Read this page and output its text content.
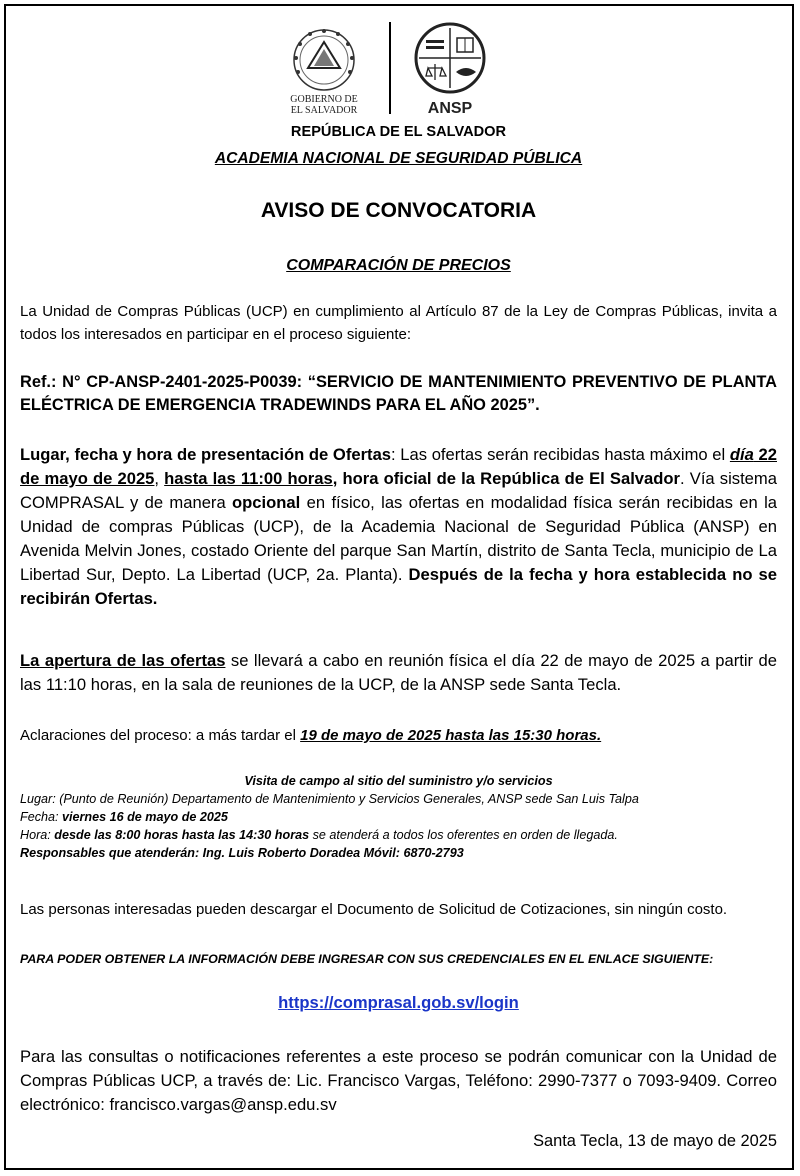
GOBIERNO DE
EL SALVADOR	ANSP

REPÚBLICA DE EL SALVADOR

ACADEMIA NACIONAL DE SEGURIDAD PÚBLICA

AVISO DE CONVOCATORIA

COMPARACIÓN DE PRECIOS

La Unidad de Compras Públicas (UCP) en cumplimiento al Artículo 87 de la Ley de Compras Públicas, invita a todos los interesados en participar en el proceso siguiente:

Ref.: N° CP-ANSP-2401-2025-P0039: “SERVICIO DE MANTENIMIENTO PREVENTIVO DE PLANTA ELÉCTRICA DE EMERGENCIA TRADEWINDS PARA EL AÑO 2025”.

Lugar, fecha y hora de presentación de Ofertas: Las ofertas serán recibidas hasta máximo el día 22 de mayo de 2025, hasta las 11:00 horas, hora oficial de la República de El Salvador. Vía sistema COMPRASAL y de manera opcional en físico, las ofertas en modalidad física serán recibidas en la Unidad de compras Públicas (UCP), de la Academia Nacional de Seguridad Pública (ANSP) en Avenida Melvin Jones, costado Oriente del parque San Martín, distrito de Santa Tecla, municipio de La Libertad Sur, Depto. La Libertad (UCP, 2a. Planta). Después de la fecha y hora establecida no se recibirán Ofertas.

La apertura de las ofertas se llevará a cabo en reunión física el día 22 de mayo de 2025 a partir de las 11:10 horas, en la sala de reuniones de la UCP, de la ANSP sede Santa Tecla.

Aclaraciones del proceso: a más tardar el 19 de mayo de 2025 hasta las 15:30 horas.

Visita de campo al sitio del suministro y/o servicios

Lugar: (Punto de Reunión) Departamento de Mantenimiento y Servicios Generales, ANSP sede San Luis Talpa

Fecha: viernes 16 de mayo de 2025

Hora: desde las 8:00 horas hasta las 14:30 horas se atenderá a todos los oferentes en orden de llegada.

Responsables que atenderán: Ing. Luis Roberto Doradea Móvil: 6870-2793

Las personas interesadas pueden descargar el Documento de Solicitud de Cotizaciones, sin ningún costo.

PARA PODER OBTENER LA INFORMACIÓN DEBE INGRESAR CON SUS CREDENCIALES EN EL ENLACE SIGUIENTE:

https://comprasal.gob.sv/login

Para las consultas o notificaciones referentes a este proceso se podrán comunicar con la Unidad de Compras Públicas UCP, a través de: Lic. Francisco Vargas, Teléfono: 2990-7377 o 7093-9409. Correo electrónico: francisco.vargas@ansp.edu.sv

Santa Tecla, 13 de mayo de 2025
